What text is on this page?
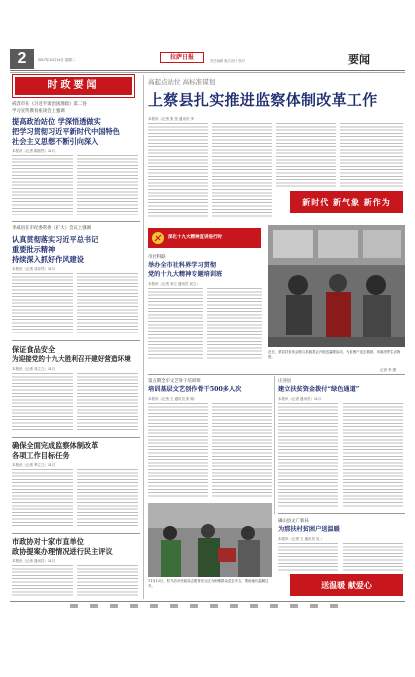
2	2017年11月14日 星期二	拉萨日报	责任编辑 版式设计 校对	要闻
时政要闻
戒容市在《习近平谈治国理政》第二卷
学习宣传教育座谈会上强调
提高政治站位 学深悟透做实
把学习贯彻习近平新时代中国特色
社会主义思想不断引向深入
本报讯（记者 陈蔚然）11月
李咸宙在市纪委常委（扩大）会议上强调
认真贯彻落实习近平总书记
重要批示精神
持续深入抓好作风建设
本报讯（记者 邓亦然）11月
保证食品安全
为迎接党的十九大胜利召开建好营造环境
本报讯（记者 邓立立）11月
确保全面完成监察体制改革
各项工作目标任务
本报讯（记者 季立立）11月
市政协对十家市直单位
政协提案办理情况进行民主评议
本报讯（记者 通讯员）11月
高起点站位 高标准谋划
上蔡县扎实推进监察体制改革工作
本报讯（记者 张 张 通讯员 李
新时代 新气象 新作为
深化十九大精神宣讲进行时
市社科联
举办全市社科界学习贯彻
党的十九大精神专题培训班
本报讯（记者 李立 通讯员 邓立）
近日，蔡县扶贫协会联合县慈善会开展送温暖活动，为贫困户送去棉被、米面油等生活物资。
记者 李 摄
第五期全市文艺骨干培训班
培训基层文艺创作骨干500多人次
本报讯（记者 王 通讯员 张 陈）
庄河县
建立扶贫资金拨付“绿色通道”
本报讯（记者 通讯员）11月
11月12日，驻马店市民政局志愿者在社区为困难群众送去冬衣，帮助他们温暖过冬。
确山县文广新局
为那扶村贫困户送温暖
本报讯（记者 王 通讯员 吴 ）
送温暖 献爱心
